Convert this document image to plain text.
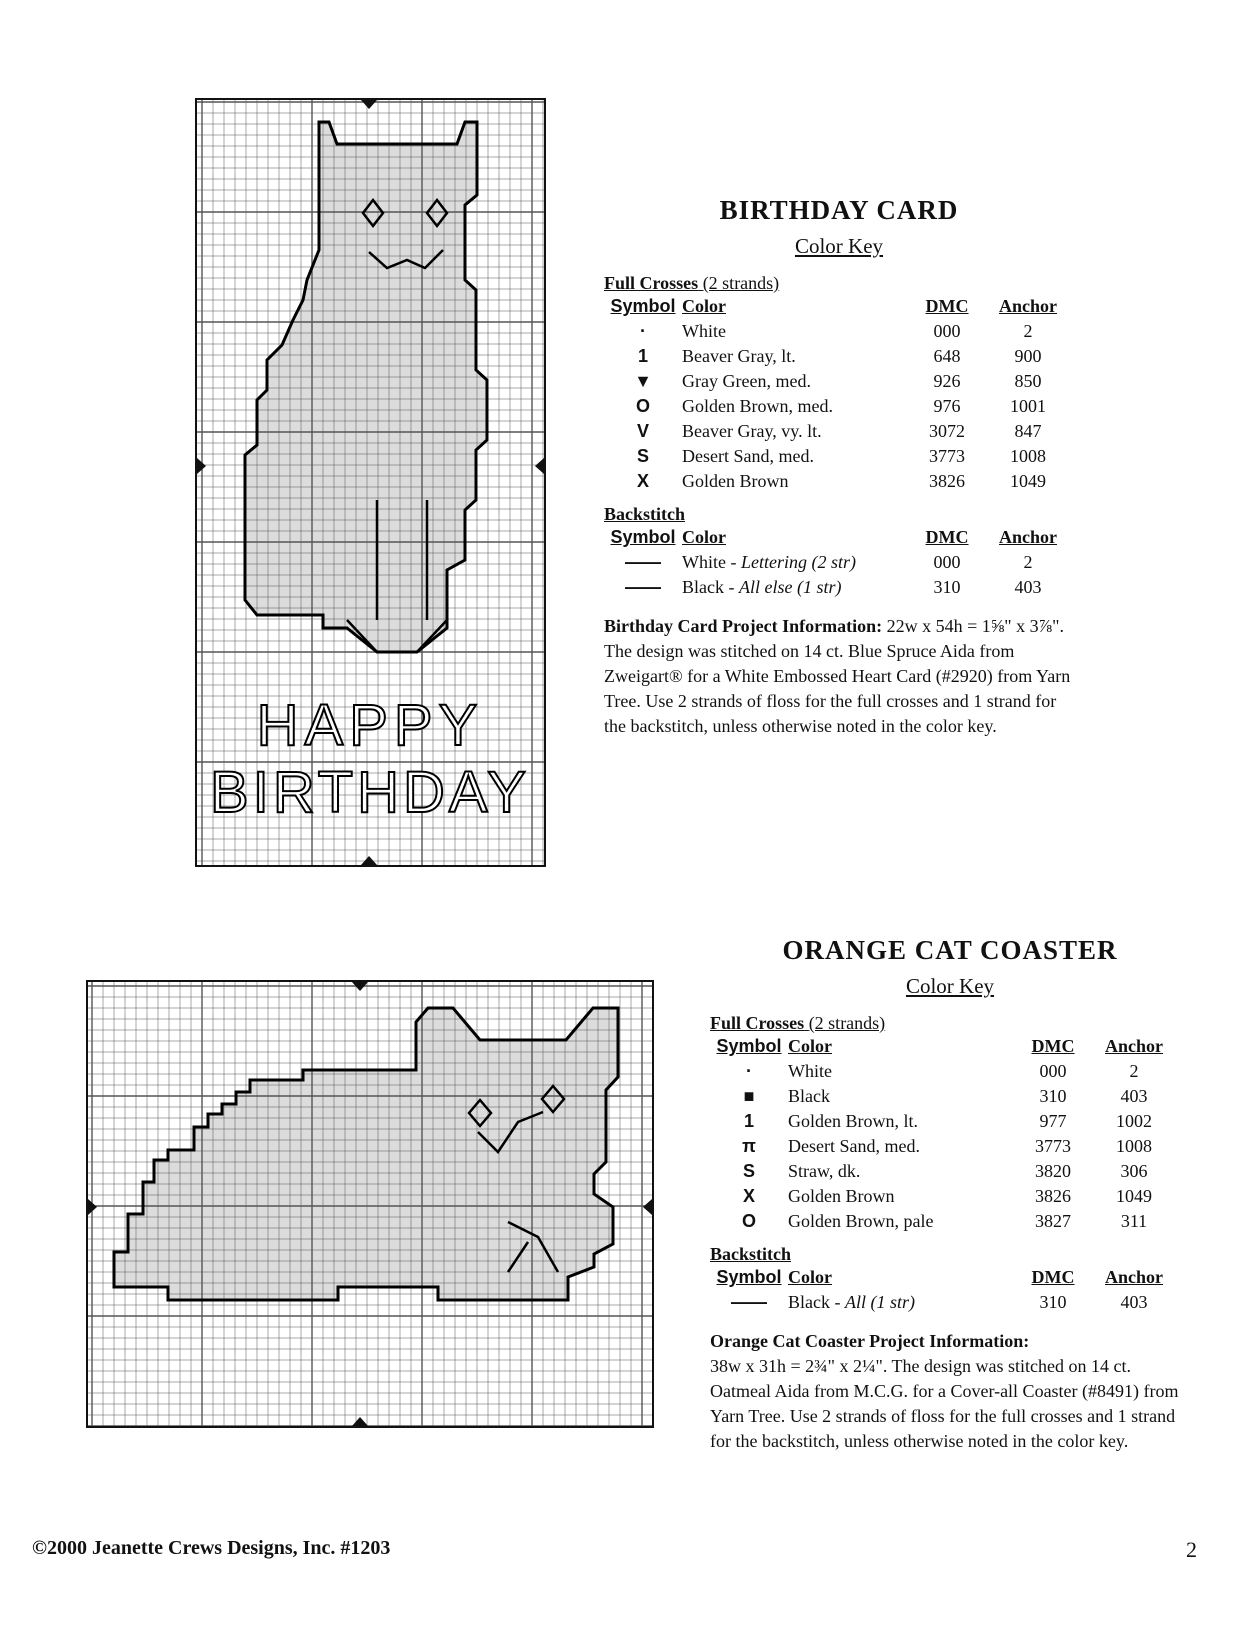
HAPPY
BIRTHDAY
BIRTHDAY CARD
Color Key
Full Crosses (2 strands)
Symbol	Color	DMC	Anchor
·	White	000	2
1	Beaver Gray, lt.	648	900
▼	Gray Green, med.	926	850
O	Golden Brown, med.	976	1001
V	Beaver Gray, vy. lt.	3072	847
S	Desert Sand, med.	3773	1008
X	Golden Brown	3826	1049
Backstitch
Symbol	Color	DMC	Anchor
——	White - Lettering (2 str)	000	2
——	Black - All else (1 str)	310	403
Birthday Card Project Information: 22w x 54h = 1⅝" x 3⅞". The design was stitched on 14 ct. Blue Spruce Aida from Zweigart® for a White Embossed Heart Card (#2920) from Yarn Tree. Use 2 strands of floss for the full crosses and 1 strand for the backstitch, unless otherwise noted in the color key.
ORANGE CAT COASTER
Color Key
Full Crosses (2 strands)
Symbol	Color	DMC	Anchor
·	White	000	2
■	Black	310	403
1	Golden Brown, lt.	977	1002
π	Desert Sand, med.	3773	1008
S	Straw, dk.	3820	306
X	Golden Brown	3826	1049
O	Golden Brown, pale	3827	311
Backstitch
Symbol	Color	DMC	Anchor
——	Black - All (1 str)	310	403
Orange Cat Coaster Project Information:
38w x 31h = 2¾" x 2¼". The design was stitched on 14 ct. Oatmeal Aida from M.C.G. for a Cover-all Coaster (#8491) from Yarn Tree. Use 2 strands of floss for the full crosses and 1 strand for the backstitch, unless otherwise noted in the color key.
©2000 Jeanette Crews Designs, Inc. #1203	2
